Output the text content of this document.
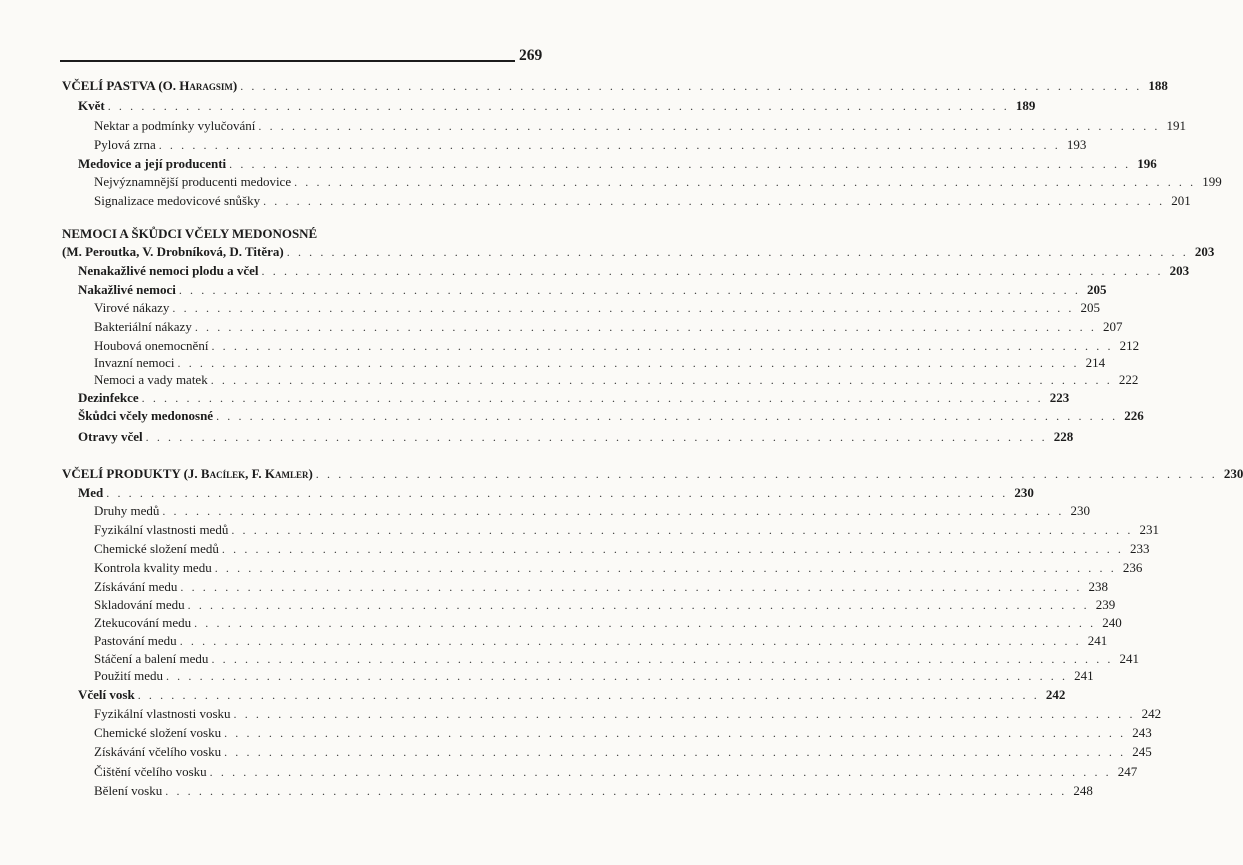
269
VČELÍ PASTVA (O. Haragsim) . . . . . . . . . . . . . . . . . . . . . . . . . . . . . . . . . . . . . . . . . . . . . . . . . . . . . . . . . . . . . . . . . . . . . . . . . . . . . . . . . 188
Květ . . . . . . . . . . . . . . . . . . . . . . . . . . . . . . . . . . . . . . . . . . . . . . . . . . . . . . . . . . . . . . . . . . . . . . . . . . . . . . . . . 189
Nektar a podmínky vylučování . . . . . . . . . . . . . . . . . . . . . . . . . . . . . . . . . . . . . . . . . . . . . . . . . . . . . . . . . . . . . . . . . . . . . . . . . . . . . . . . . 191
Pylová zrna . . . . . . . . . . . . . . . . . . . . . . . . . . . . . . . . . . . . . . . . . . . . . . . . . . . . . . . . . . . . . . . . . . . . . . . . . . . . . . . . . 193
Medovice a její producenti . . . . . . . . . . . . . . . . . . . . . . . . . . . . . . . . . . . . . . . . . . . . . . . . . . . . . . . . . . . . . . . . . . . . . . . . . . . . . . . . . 196
Nejvýznamnější producenti medovice . . . . . . . . . . . . . . . . . . . . . . . . . . . . . . . . . . . . . . . . . . . . . . . . . . . . . . . . . . . . . . . . . . . . . . . . . . . . . . . . . 199
Signalizace medovicové snůšky . . . . . . . . . . . . . . . . . . . . . . . . . . . . . . . . . . . . . . . . . . . . . . . . . . . . . . . . . . . . . . . . . . . . . . . . . . . . . . . . . 201
NEMOCI A ŠKŮDCI VČELY MEDONOSNÉ
(M. Peroutka, V. Drobníková, D. Titěra) . . . . . . . . . . . . . . . . . . . . . . . . . . . . . . . . . . . . . . . . . . . . . . . . . . . . . . . . . . . . . . . . . . . . . . . . . . . . . . . . . 203
Nenakažlivé nemoci plodu a včel . . . . . . . . . . . . . . . . . . . . . . . . . . . . . . . . . . . . . . . . . . . . . . . . . . . . . . . . . . . . . . . . . . . . . . . . . . . . . . . . . 203
Nakažlivé nemoci . . . . . . . . . . . . . . . . . . . . . . . . . . . . . . . . . . . . . . . . . . . . . . . . . . . . . . . . . . . . . . . . . . . . . . . . . . . . . . . . . 205
Virové nákazy . . . . . . . . . . . . . . . . . . . . . . . . . . . . . . . . . . . . . . . . . . . . . . . . . . . . . . . . . . . . . . . . . . . . . . . . . . . . . . . . . 205
Bakteriální nákazy . . . . . . . . . . . . . . . . . . . . . . . . . . . . . . . . . . . . . . . . . . . . . . . . . . . . . . . . . . . . . . . . . . . . . . . . . . . . . . . . . 207
Houbová onemocnění . . . . . . . . . . . . . . . . . . . . . . . . . . . . . . . . . . . . . . . . . . . . . . . . . . . . . . . . . . . . . . . . . . . . . . . . . . . . . . . . . 212
Invazní nemoci . . . . . . . . . . . . . . . . . . . . . . . . . . . . . . . . . . . . . . . . . . . . . . . . . . . . . . . . . . . . . . . . . . . . . . . . . . . . . . . . . 214
Nemoci a vady matek . . . . . . . . . . . . . . . . . . . . . . . . . . . . . . . . . . . . . . . . . . . . . . . . . . . . . . . . . . . . . . . . . . . . . . . . . . . . . . . . . 222
Dezinfekce . . . . . . . . . . . . . . . . . . . . . . . . . . . . . . . . . . . . . . . . . . . . . . . . . . . . . . . . . . . . . . . . . . . . . . . . . . . . . . . . . 223
Škůdci včely medonosné . . . . . . . . . . . . . . . . . . . . . . . . . . . . . . . . . . . . . . . . . . . . . . . . . . . . . . . . . . . . . . . . . . . . . . . . . . . . . . . . . 226
Otravy včel . . . . . . . . . . . . . . . . . . . . . . . . . . . . . . . . . . . . . . . . . . . . . . . . . . . . . . . . . . . . . . . . . . . . . . . . . . . . . . . . . 228
VČELÍ PRODUKTY (J. Bacílek, F. Kamler) . . . . . . . . . . . . . . . . . . . . . . . . . . . . . . . . . . . . . . . . . . . . . . . . . . . . . . . . . . . . . . . . . . . . . . . . . . . . . . . . . 230
Med . . . . . . . . . . . . . . . . . . . . . . . . . . . . . . . . . . . . . . . . . . . . . . . . . . . . . . . . . . . . . . . . . . . . . . . . . . . . . . . . . 230
Druhy medů . . . . . . . . . . . . . . . . . . . . . . . . . . . . . . . . . . . . . . . . . . . . . . . . . . . . . . . . . . . . . . . . . . . . . . . . . . . . . . . . . 230
Fyzikální vlastnosti medů . . . . . . . . . . . . . . . . . . . . . . . . . . . . . . . . . . . . . . . . . . . . . . . . . . . . . . . . . . . . . . . . . . . . . . . . . . . . . . . . . 231
Chemické složení medů . . . . . . . . . . . . . . . . . . . . . . . . . . . . . . . . . . . . . . . . . . . . . . . . . . . . . . . . . . . . . . . . . . . . . . . . . . . . . . . . . 233
Kontrola kvality medu . . . . . . . . . . . . . . . . . . . . . . . . . . . . . . . . . . . . . . . . . . . . . . . . . . . . . . . . . . . . . . . . . . . . . . . . . . . . . . . . . 236
Získávání medu . . . . . . . . . . . . . . . . . . . . . . . . . . . . . . . . . . . . . . . . . . . . . . . . . . . . . . . . . . . . . . . . . . . . . . . . . . . . . . . . . 238
Skladování medu . . . . . . . . . . . . . . . . . . . . . . . . . . . . . . . . . . . . . . . . . . . . . . . . . . . . . . . . . . . . . . . . . . . . . . . . . . . . . . . . . 239
Ztekucování medu . . . . . . . . . . . . . . . . . . . . . . . . . . . . . . . . . . . . . . . . . . . . . . . . . . . . . . . . . . . . . . . . . . . . . . . . . . . . . . . . . 240
Pastování medu . . . . . . . . . . . . . . . . . . . . . . . . . . . . . . . . . . . . . . . . . . . . . . . . . . . . . . . . . . . . . . . . . . . . . . . . . . . . . . . . . 241
Stáčení a balení medu . . . . . . . . . . . . . . . . . . . . . . . . . . . . . . . . . . . . . . . . . . . . . . . . . . . . . . . . . . . . . . . . . . . . . . . . . . . . . . . . . 241
Použití medu . . . . . . . . . . . . . . . . . . . . . . . . . . . . . . . . . . . . . . . . . . . . . . . . . . . . . . . . . . . . . . . . . . . . . . . . . . . . . . . . . 241
Včelí vosk . . . . . . . . . . . . . . . . . . . . . . . . . . . . . . . . . . . . . . . . . . . . . . . . . . . . . . . . . . . . . . . . . . . . . . . . . . . . . . . . . 242
Fyzikální vlastnosti vosku . . . . . . . . . . . . . . . . . . . . . . . . . . . . . . . . . . . . . . . . . . . . . . . . . . . . . . . . . . . . . . . . . . . . . . . . . . . . . . . . . 242
Chemické složení vosku . . . . . . . . . . . . . . . . . . . . . . . . . . . . . . . . . . . . . . . . . . . . . . . . . . . . . . . . . . . . . . . . . . . . . . . . . . . . . . . . . 243
Získávání včelího vosku . . . . . . . . . . . . . . . . . . . . . . . . . . . . . . . . . . . . . . . . . . . . . . . . . . . . . . . . . . . . . . . . . . . . . . . . . . . . . . . . . 245
Čištění včelího vosku . . . . . . . . . . . . . . . . . . . . . . . . . . . . . . . . . . . . . . . . . . . . . . . . . . . . . . . . . . . . . . . . . . . . . . . . . . . . . . . . . 247
Bělení vosku . . . . . . . . . . . . . . . . . . . . . . . . . . . . . . . . . . . . . . . . . . . . . . . . . . . . . . . . . . . . . . . . . . . . . . . . . . . . . . . . . 248
